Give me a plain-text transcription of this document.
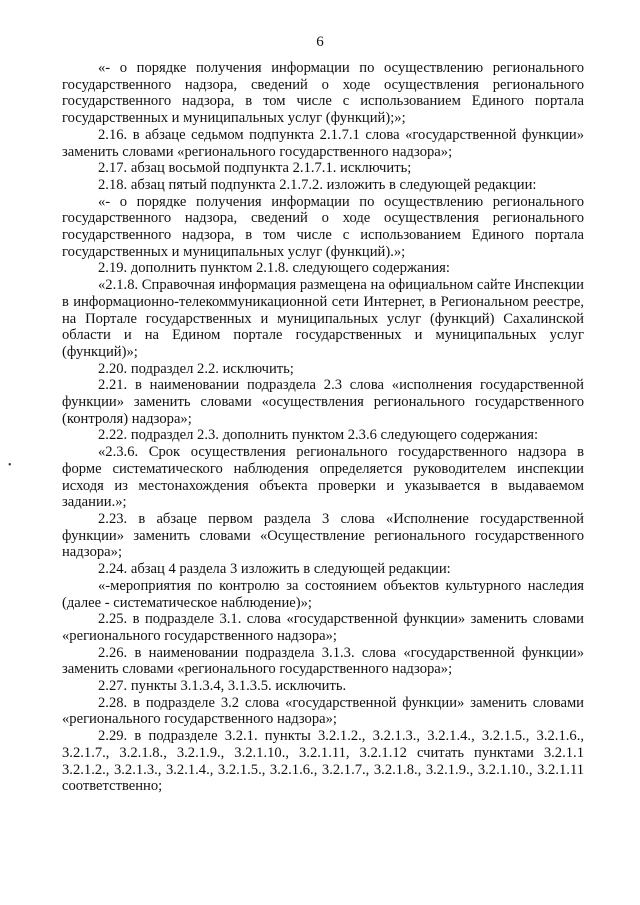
6
•

«- о порядке получения информации по осуществлению регионального государственного надзора, сведений о ходе осуществления регионального государственного надзора, в том числе с использованием Единого портала государственных и муниципальных услуг (функций);»;

2.16. в абзаце седьмом подпункта 2.1.7.1 слова «государственной функции» заменить словами «регионального государственного надзора»;

2.17. абзац восьмой подпункта 2.1.7.1. исключить;

2.18. абзац пятый подпункта 2.1.7.2. изложить в следующей редакции:

«- о порядке получения информации по осуществлению регионального государственного надзора, сведений о ходе осуществления регионального государственного надзора, в том числе с использованием Единого портала государственных и муниципальных услуг (функций).»;

2.19. дополнить пунктом 2.1.8. следующего содержания:

«2.1.8. Справочная информация размещена на официальном сайте Инспекции в информационно-телекоммуникационной сети Интернет, в Региональном реестре, на Портале государственных и муниципальных услуг (функций) Сахалинской области и на Едином портале государственных и муниципальных услуг (функций)»;

2.20. подраздел 2.2. исключить;

2.21. в наименовании подраздела 2.3 слова «исполнения государственной функции» заменить словами «осуществления регионального государственного (контроля) надзора»;

2.22. подраздел 2.3. дополнить пунктом 2.3.6 следующего содержания:

«2.3.6. Срок осуществления регионального государственного надзора в форме систематического наблюдения определяется руководителем инспекции исходя из местонахождения объекта проверки и указывается в выдаваемом задании.»;

2.23. в абзаце первом раздела 3 слова «Исполнение государственной функции» заменить словами «Осуществление регионального государственного надзора»;

2.24. абзац 4 раздела 3 изложить в следующей редакции:

«-мероприятия по контролю за состоянием объектов культурного наследия (далее - систематическое наблюдение)»;

2.25. в подразделе 3.1. слова «государственной функции» заменить словами «регионального государственного надзора»;

2.26. в наименовании подраздела 3.1.3. слова «государственной функции» заменить словами «регионального государственного надзора»;

2.27. пункты 3.1.3.4, 3.1.3.5. исключить.

2.28. в подразделе 3.2 слова «государственной функции» заменить словами «регионального государственного надзора»;

2.29. в подразделе 3.2.1. пункты 3.2.1.2., 3.2.1.3., 3.2.1.4., 3.2.1.5., 3.2.1.6., 3.2.1.7., 3.2.1.8., 3.2.1.9., 3.2.1.10., 3.2.1.11, 3.2.1.12 считать пунктами 3.2.1.1 3.2.1.2., 3.2.1.3., 3.2.1.4., 3.2.1.5., 3.2.1.6., 3.2.1.7., 3.2.1.8., 3.2.1.9., 3.2.1.10., 3.2.1.11 соответственно;
